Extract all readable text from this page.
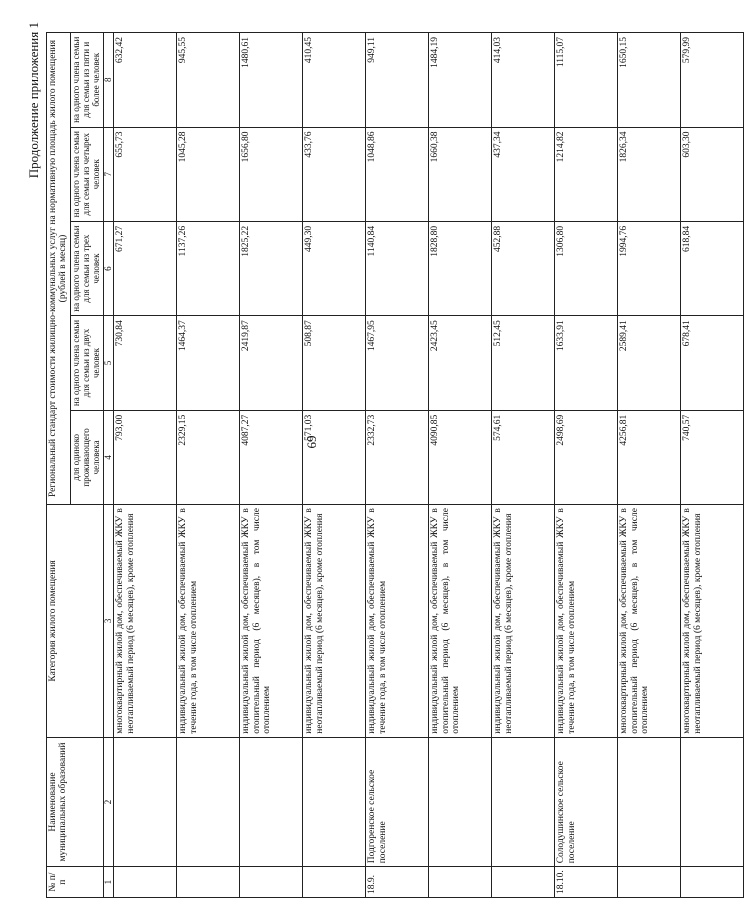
69
Продолжение приложения 1
№ п/п	Наименование муниципальных образований	Категория жилого помещения	Региональный стандарт стоимости жилищно-коммунальных услуг на нормативную площадь жилого помещения (рублей в месяц)				
			для одиноко проживающего человека	на одного члена семьи для семьи из двух человек	на одного члена семьи для семьи из трех человек	на одного члена семьи для семьи из четырех человек	на одного члена семьи для семьи из пяти и более человек
1	2	3	4	5	6	7	8
		многоквартирный жилой дом, обеспечиваемый ЖКУ в неотапливаемый период (6 месяцев), кроме отопления	793,00	730,84	671,27	655,73	632,42
		индивидуальный жилой дом, обеспечиваемый ЖКУ в течение года, в том числе отоплением	2329,15	1464,37	1137,26	1045,28	945,55
		индивидуальный жилой дом, обеспечиваемый ЖКУ в отопительный период (6 месяцев), в том числе отоплением	4087,27	2419,87	1825,22	1656,80	1480,61
		индивидуальный жилой дом, обеспечиваемый ЖКУ в неотапливаемый период (6 месяцев), кроме отопления	571,03	508,87	449,30	433,76	410,45
18.9.	Подгоренское сельское поселение	индивидуальный жилой дом, обеспечиваемый ЖКУ в течение года, в том числе отоплением	2332,73	1467,95	1140,84	1048,86	949,11
		индивидуальный жилой дом, обеспечиваемый ЖКУ в отопительный период (6 месяцев), в том числе отоплением	4090,85	2423,45	1828,80	1660,38	1484,19
		индивидуальный жилой дом, обеспечиваемый ЖКУ в неотапливаемый период (6 месяцев), кроме отопления	574,61	512,45	452,88	437,34	414,03
18.10.	Солодушинское сельское поселение	индивидуальный жилой дом, обеспечиваемый ЖКУ в течение года, в том числе отоплением	2498,69	1633,91	1306,80	1214,82	1115,07
		многоквартирный жилой дом, обеспечиваемый ЖКУ в отопительный период (6 месяцев), в том числе отоплением	4256,81	2589,41	1994,76	1826,34	1650,15
		многоквартирный жилой дом, обеспечиваемый ЖКУ в неотапливаемый период (6 месяцев), кроме отопления	740,57	678,41	618,84	603,30	579,99
